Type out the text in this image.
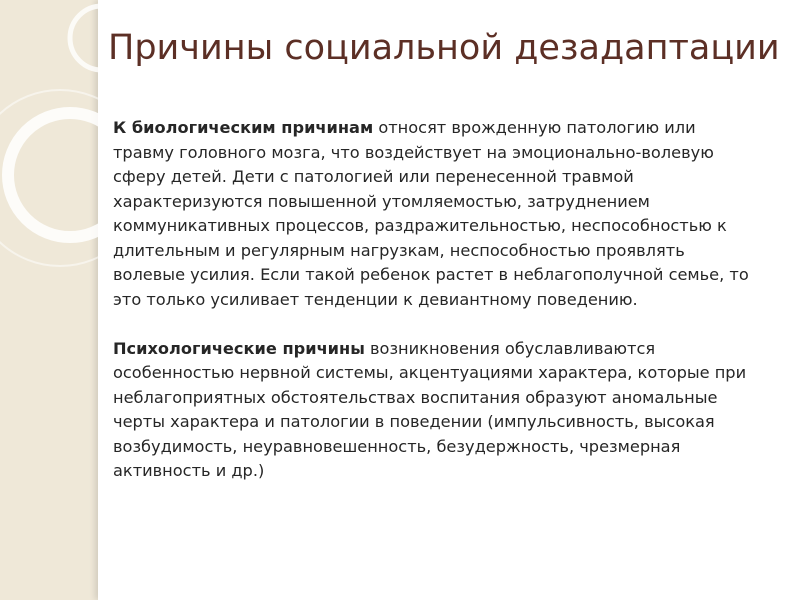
Причины социальной дезадаптации

К биологическим причинам относят врожденную патологию или травму головного мозга, что воздействует на эмоционально-волевую сферу детей. Дети с патологией или перенесенной травмой характеризуются повышенной утомляемостью, затруднением коммуникативных процессов, раздражительностью, неспособностью к длительным и регулярным нагрузкам, неспособностью проявлять волевые усилия. Если такой ребенок растет в неблагополучной семье, то это только усиливает тенденции к девиантному поведению.

Психологические причины возникновения обуславливаются особенностью нервной системы, акцентуациями характера, которые при неблагоприятных обстоятельствах воспитания образуют аномальные черты характера и патологии в поведении (импульсивность, высокая возбудимость, неуравновешенность, безудержность, чрезмерная активность и др.)
